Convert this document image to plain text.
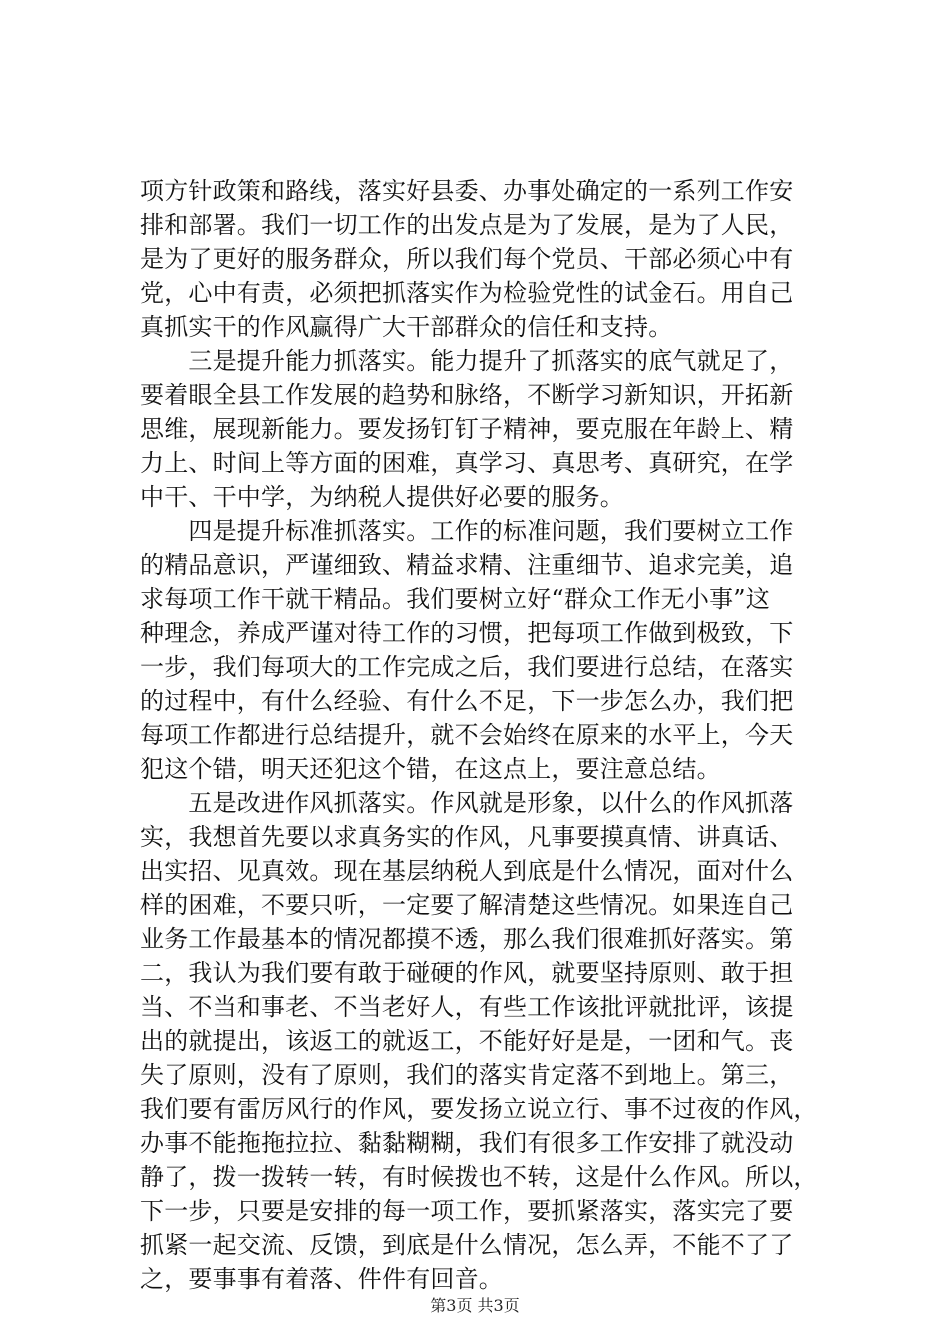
项方针政策和路线，落实好县委、办事处确定的一系列工作安
排和部署。我们一切工作的出发点是为了发展，是为了人民，
是为了更好的服务群众，所以我们每个党员、干部必须心中有
党，心中有责，必须把抓落实作为检验党性的试金石。用自己
真抓实干的作风赢得广大干部群众的信任和支持。
　　三是提升能力抓落实。能力提升了抓落实的底气就足了，
要着眼全县工作发展的趋势和脉络，不断学习新知识，开拓新
思维，展现新能力。要发扬钉钉子精神，要克服在年龄上、精
力上、时间上等方面的困难，真学习、真思考、真研究，在学
中干、干中学，为纳税人提供好必要的服务。
　　四是提升标准抓落实。工作的标准问题，我们要树立工作
的精品意识，严谨细致、精益求精、注重细节、追求完美，追
求每项工作干就干精品。我们要树立好“群众工作无小事”这
种理念，养成严谨对待工作的习惯，把每项工作做到极致，下
一步，我们每项大的工作完成之后，我们要进行总结，在落实
的过程中，有什么经验、有什么不足，下一步怎么办，我们把
每项工作都进行总结提升，就不会始终在原来的水平上，今天
犯这个错，明天还犯这个错，在这点上，要注意总结。
　　五是改进作风抓落实。作风就是形象，以什么的作风抓落
实，我想首先要以求真务实的作风，凡事要摸真情、讲真话、
出实招、见真效。现在基层纳税人到底是什么情况，面对什么
样的困难，不要只听，一定要了解清楚这些情况。如果连自己
业务工作最基本的情况都摸不透，那么我们很难抓好落实。第
二，我认为我们要有敢于碰硬的作风，就要坚持原则、敢于担
当、不当和事老、不当老好人，有些工作该批评就批评，该提
出的就提出，该返工的就返工，不能好好是是，一团和气。丧
失了原则，没有了原则，我们的落实肯定落不到地上。第三，
我们要有雷厉风行的作风，要发扬立说立行、事不过夜的作风，
办事不能拖拖拉拉、黏黏糊糊，我们有很多工作安排了就没动
静了，拨一拨转一转，有时候拨也不转，这是什么作风。所以，
下一步，只要是安排的每一项工作，要抓紧落实，落实完了要
抓紧一起交流、反馈，到底是什么情况，怎么弄，不能不了了
之，要事事有着落、件件有回音。
第3页 共3页
